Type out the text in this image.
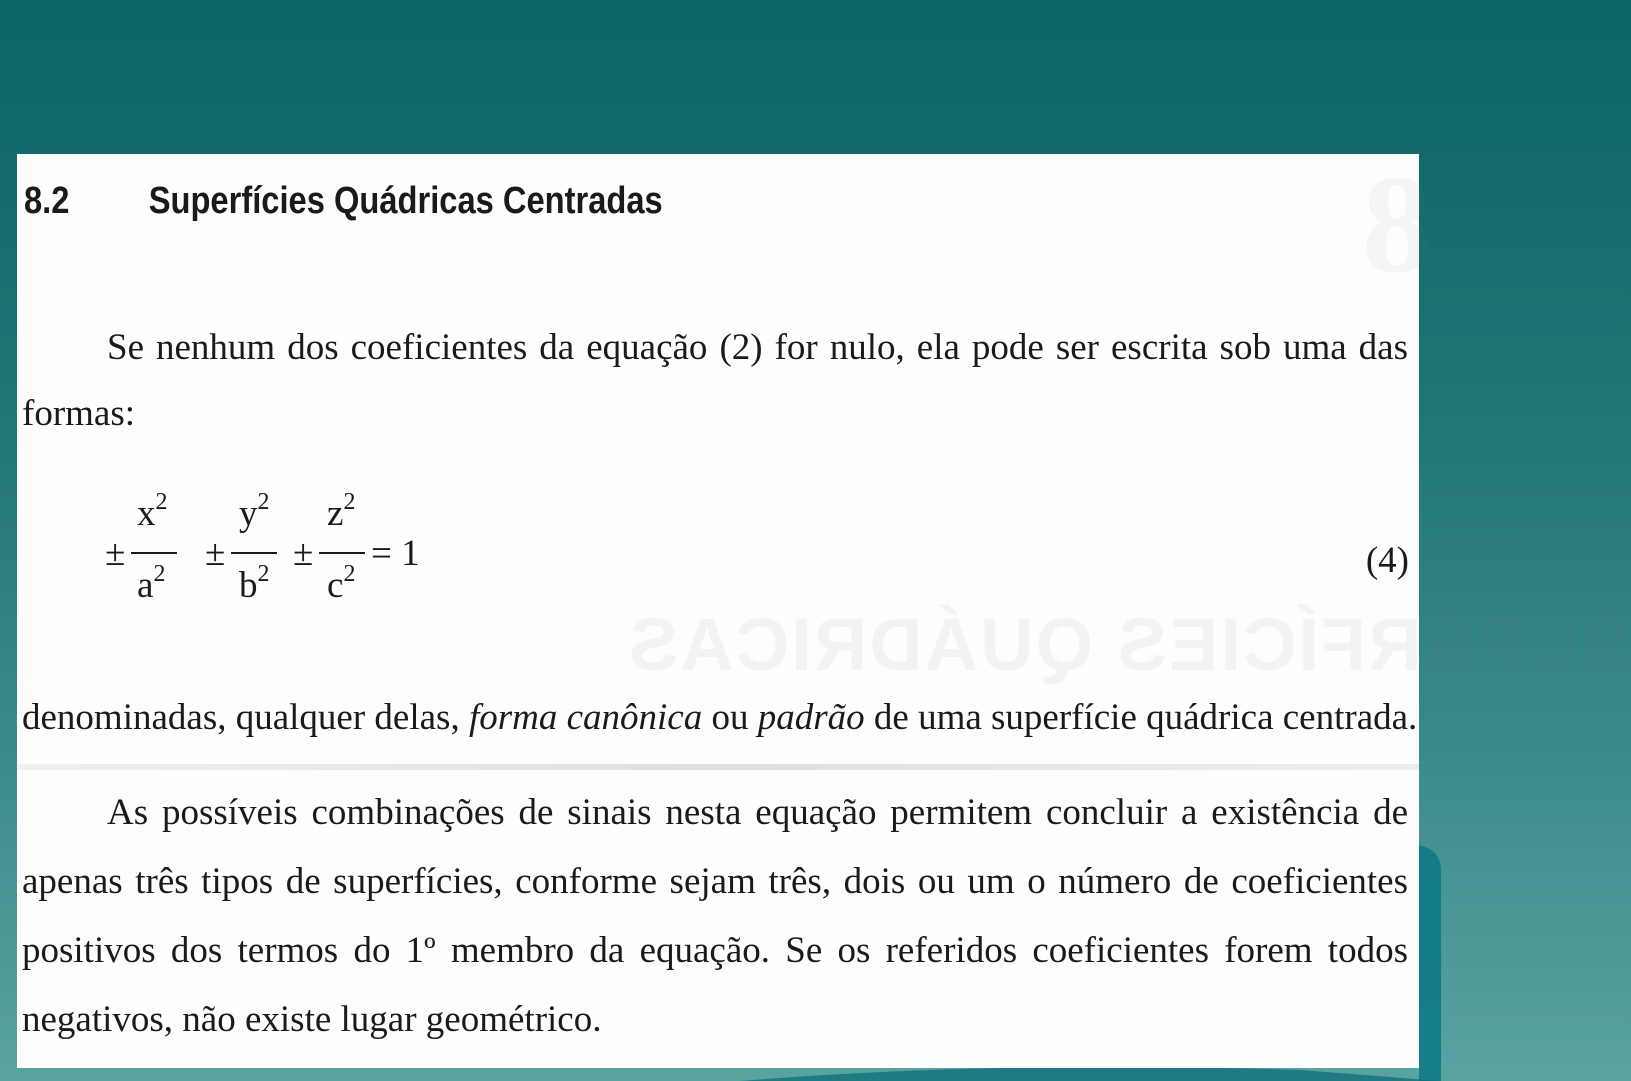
8
SUPERFÍCIES QUÁDRICAS
8.2 Superfícies Quádricas Centradas
Se nenhum dos coeficientes da equação (2) for nulo, ela pode ser escrita sob uma das
formas:
±
$x^2$
$a^2$ ±
$y^2$
$b^2$ ±
$z^2$
$c^2 = 1$	(4)
denominadas, qualquer delas, forma canônica ou padrão de uma superfície quádrica centrada.
As possíveis combinações de sinais nesta equação permitem concluir a existência de
apenas três tipos de superfícies, conforme sejam três, dois ou um o número de coeficientes
positivos dos termos do 1º membro da equação. Se os referidos coeficientes forem todos
negativos, não existe lugar geométrico.
